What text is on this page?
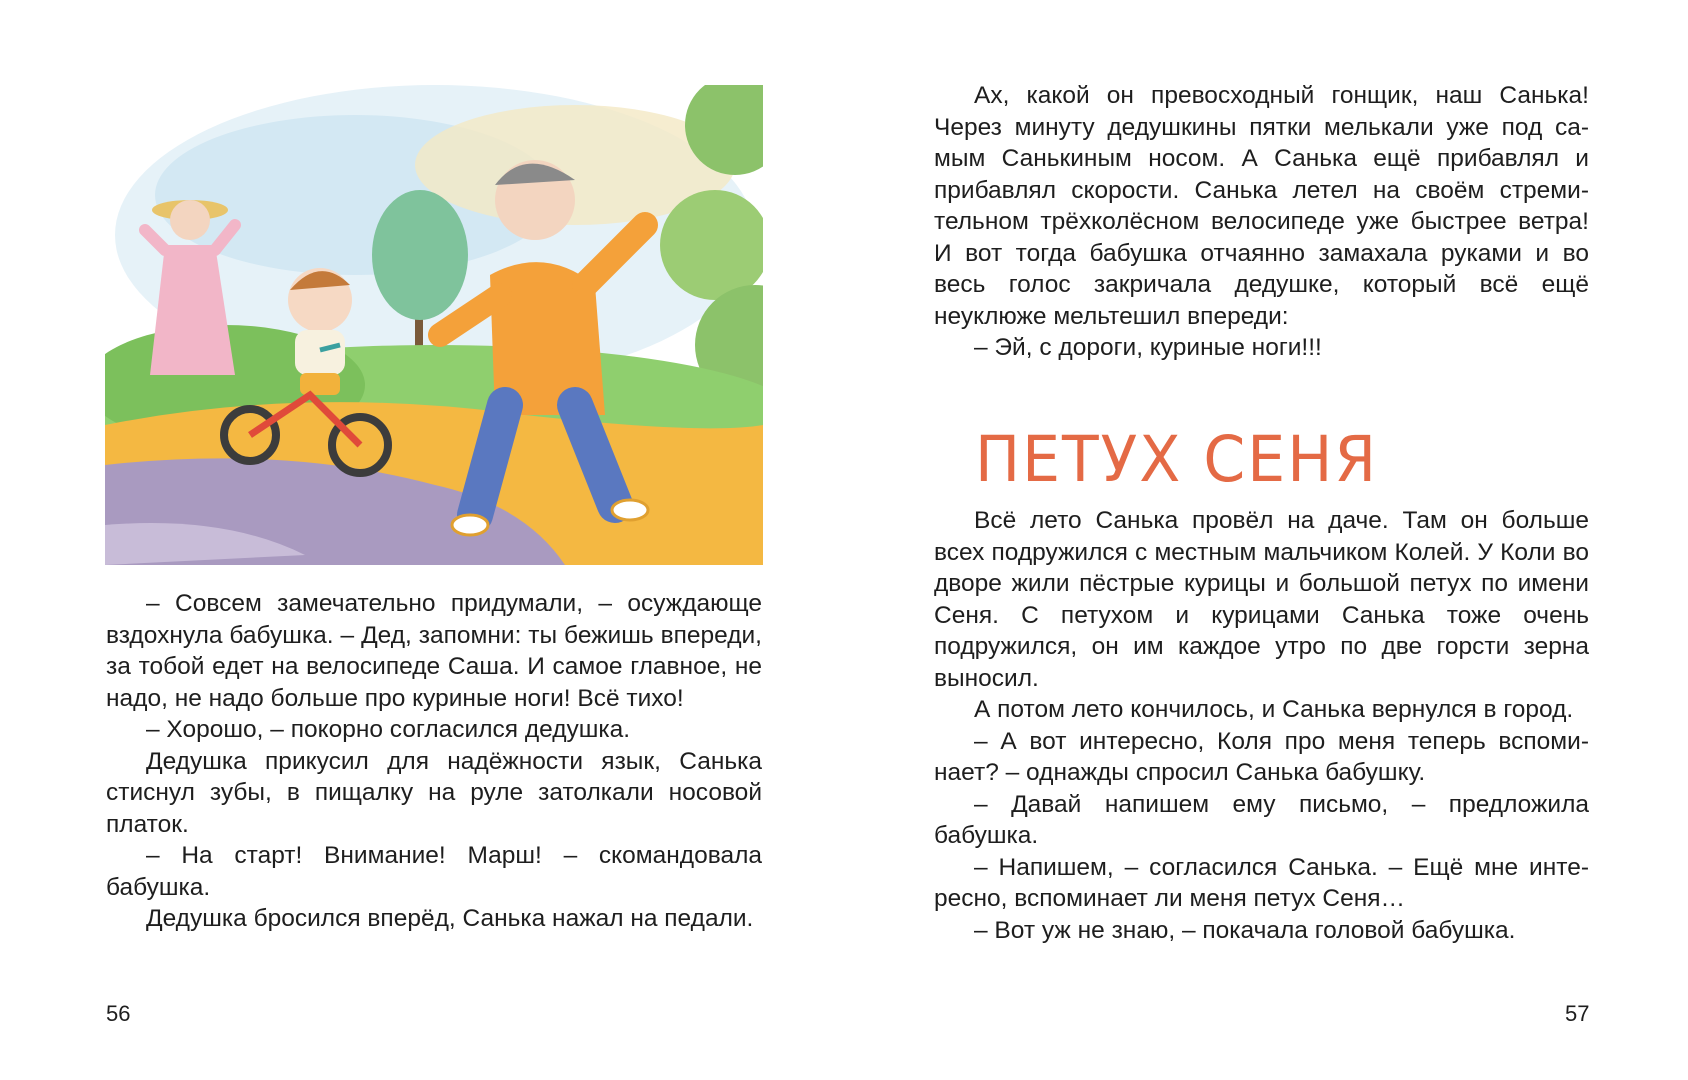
– Совсем замечательно придумали, – осуждающе вздохнула бабушка. – Дед, запомни: ты бежишь впереди, за тобой едет на велосипеде Саша. И самое главное, не надо, не надо больше про куриные ноги! Всё тихо!

– Хорошо, – покорно согласился дедушка.

Дедушка прикусил для надёжности язык, Санька стиснул зубы, в пищалку на руле затолкали носовой платок.

– На старт! Внимание! Марш! – скомандовала бабушка.

Дедушка бросился вперёд, Санька нажал на педали.

56

Ах, какой он превосходный гонщик, наш Санька! Через минуту дедушкины пятки мелькали уже под самым Санькиным носом. А Санька ещё прибавлял и прибавлял скорости. Санька летел на своём стремительном трёхколёсном велосипеде уже быстрее ветра! И вот тогда бабушка отчаянно замахала руками и во весь голос закричала дедушке, который всё ещё неуклюже мельтешил впереди:

– Эй, с дороги, куриные ноги!!!

ПЕТУХ СЕНЯ

Всё лето Санька провёл на даче. Там он больше всех подружился с местным мальчиком Колей. У Коли во дворе жили пёстрые курицы и большой петух по имени Сеня. С петухом и курицами Санька тоже очень подружился, он им каждое утро по две горсти зерна выносил.

А потом лето кончилось, и Санька вернулся в город.

– А вот интересно, Коля про меня теперь вспоминает? – однажды спросил Санька бабушку.

– Давай напишем ему письмо, – предложила бабушка.

– Напишем, – согласился Санька. – Ещё мне интересно, вспоминает ли меня петух Сеня…

– Вот уж не знаю, – покачала головой бабушка.

57
